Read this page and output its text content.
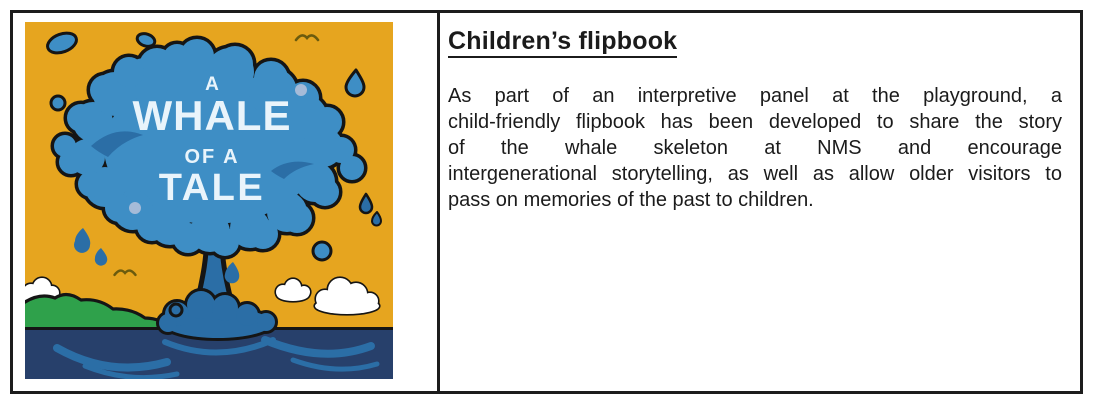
A
WHALE
OF A
TALE
Children’s flipbook
As part of an interpretive panel at the playground, a
child-friendly flipbook has been developed to share the story
of the whale skeleton at NMS and encourage
intergenerational storytelling, as well as allow older visitors to
pass on memories of the past to children.
